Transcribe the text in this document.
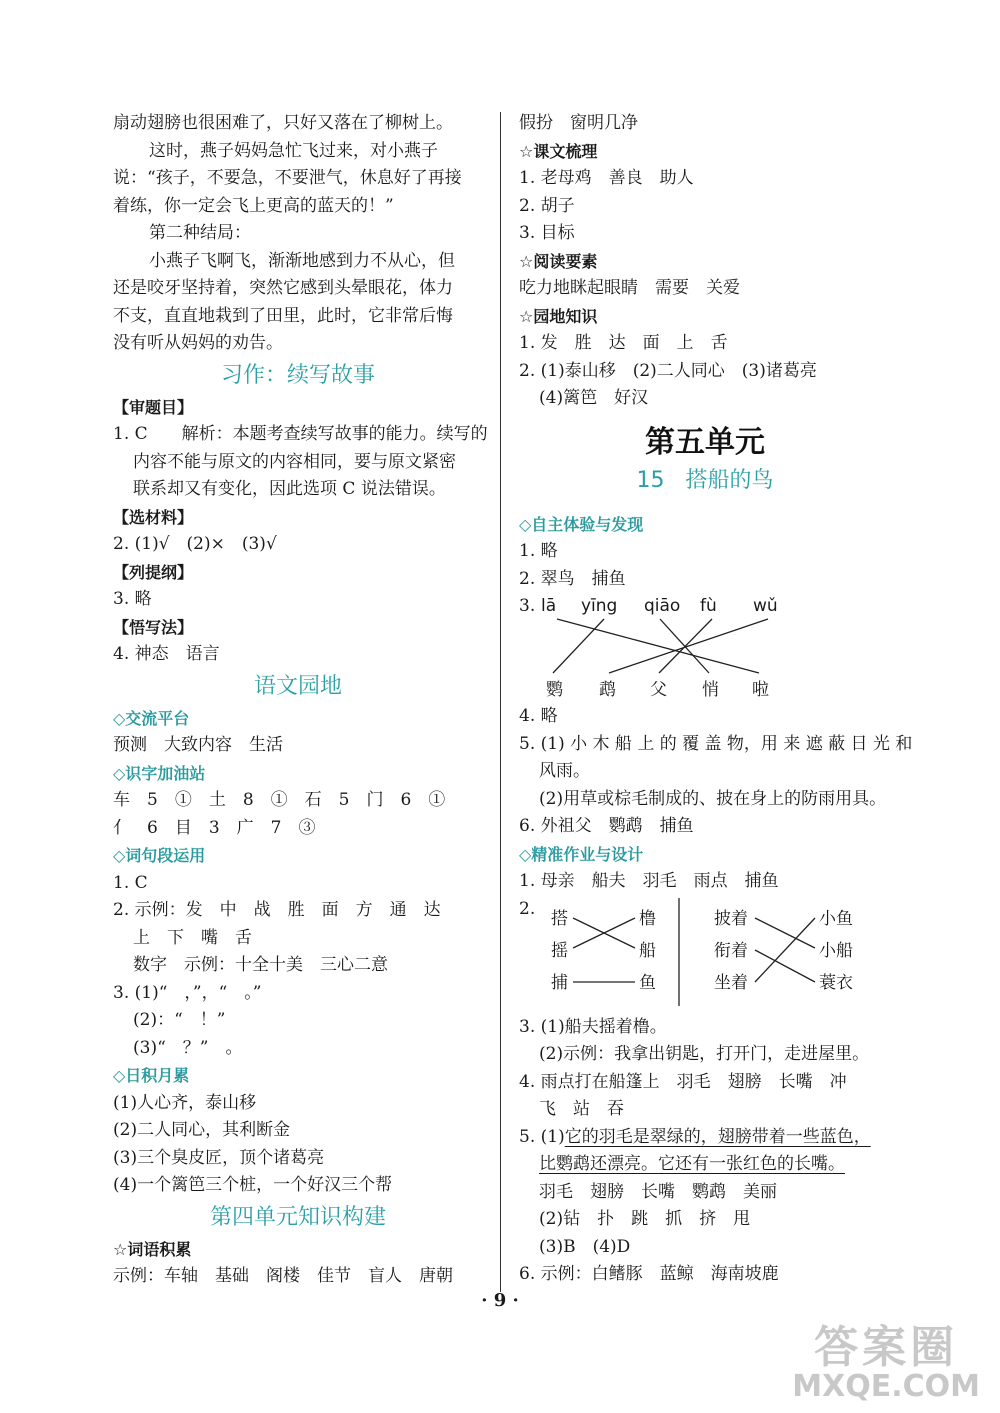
扇动翅膀也很困难了，只好又落在了柳树上。
这时，燕子妈妈急忙飞过来，对小燕子
说：“孩子，不要急，不要泄气，休息好了再接
着练，你一定会飞上更高的蓝天的！”
第二种结局：
小燕子飞啊飞，渐渐地感到力不从心，但
还是咬牙坚持着，突然它感到头晕眼花，体力
不支，直直地栽到了田里，此时，它非常后悔
没有听从妈妈的劝告。
习作：续写故事
【审题目】
1. C　　解析：本题考查续写故事的能力。续写的
内容不能与原文的内容相同，要与原文紧密
联系却又有变化，因此选项 C 说法错误。
【选材料】
2. (1)√　(2)×　(3)√
【列提纲】
3. 略
【悟写法】
4. 神态　语言
语文园地
◇交流平台
预测　大致内容　生活
◇识字加油站
车　5　①　土　8　①　石　5　门　6　①
亻　6　目　3　广　7　③
◇词句段运用
1. C
2. 示例：发　中　战　胜　面　方　通　达
上　下　嘴　舌
数字　示例：十全十美　三心二意
3. (1)“　，”，“　。”
(2)：“　！”
(3)“　？”　。
◇日积月累
(1)人心齐，泰山移
(2)二人同心，其利断金
(3)三个臭皮匠，顶个诸葛亮
(4)一个篱笆三个桩，一个好汉三个帮
第四单元知识构建
☆词语积累
示例：车轴　基础　阁楼　佳节　盲人　唐朝
假扮　窗明几净
☆课文梳理
1. 老母鸡　善良　助人
2. 胡子
3. 目标
☆阅读要素
吃力地眯起眼睛　需要　关爱
☆园地知识
1. 发　胜　达　面　上　舌
2. (1)泰山移　(2)二人同心　(3)诸葛亮
(4)篱笆　好汉
第五单元
15 搭船的鸟
◇自主体验与发现
1. 略
2. 翠鸟　捕鱼
3. lā yīng qiāo fù wǔ
鹦 鹉 父 悄 啦
4. 略
5. (1) 小 木 船 上 的 覆 盖 物，用 来 遮 蔽 日 光 和
风雨。
(2)用草或棕毛制成的、披在身上的防雨用具。
6. 外祖父　鹦鹉　捕鱼
◇精准作业与设计
1. 母亲　船夫　羽毛　雨点　捕鱼
2. 搭
摇
捕
橹
船
鱼
披着
衔着
坐着
小鱼
小船
蓑衣
3. (1)船夫摇着橹。
(2)示例：我拿出钥匙，打开门，走进屋里。
4. 雨点打在船篷上　羽毛　翅膀　长嘴　冲
飞　站　吞
5. (1)它的羽毛是翠绿的，翅膀带着一些蓝色，
比鹦鹉还漂亮。它还有一张红色的长嘴。
羽毛　翅膀　长嘴　鹦鹉　美丽
(2)钻　扑　跳　抓　挤　甩
(3)B　(4)D
6. 示例：白鳍豚　蓝鲸　海南坡鹿
· 9 ·
答案圈
MXQE.COM
